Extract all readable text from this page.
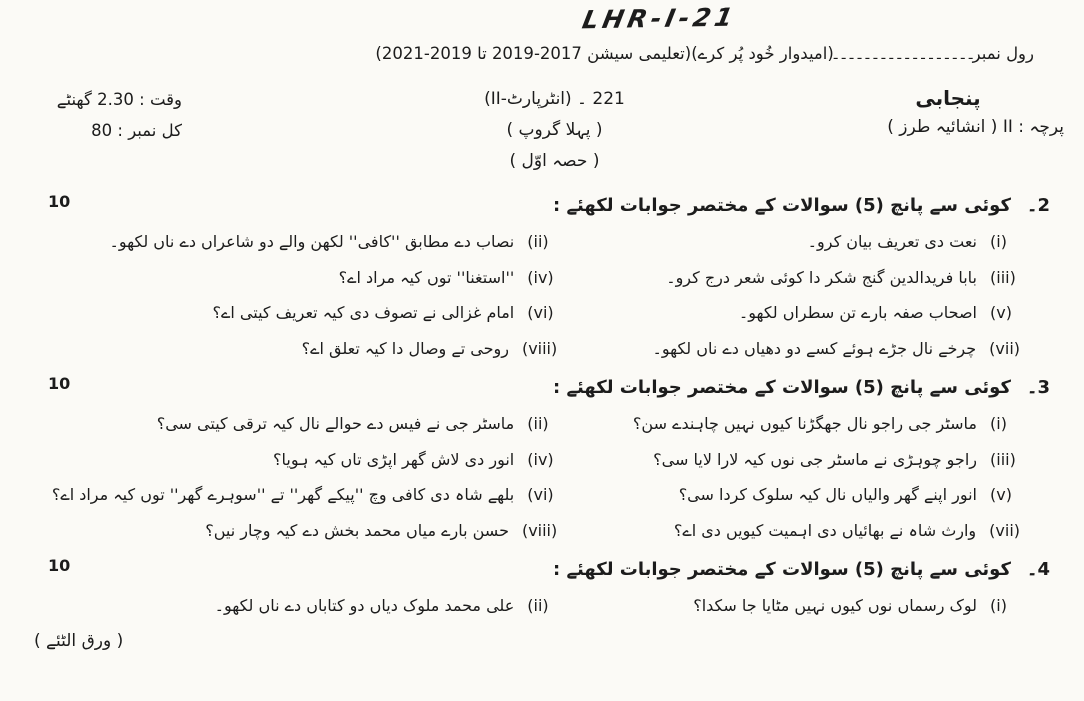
LHR-I-21
رول نمبرـ ـ ـ ـ ـ ـ ـ ـ ـ ـ ـ ـ ـ ـ ـ ـ ـ ـ(امیدوار خُود پُر کرے)(تعلیمی سیشن 2017-2019 تا 2019-2021)
وقت : 2.30 گھنٹے
کل نمبر : 80
221 ۔ (انٹرپارٹ-II)
( پہلا گروپ )
( حصہ اوّل )
پنجابی
پرچہ : II ( انشائیہ طرز )
2۔
کوئی سے پانچ (5) سوالات کے مختصر جوابات لکھئے :
10
(i)
نعت دی تعریف بیان کرو۔
(ii)
نصاب دے مطابق ''کافی'' لکھن والے دو شاعراں دے ناں لکھو۔
(iii)
بابا فریدالدین گنج شکر دا کوئی شعر درج کرو۔
(iv)
''استغنا'' توں کیہ مراد اے؟
(v)
اصحاب صفہ بارے تن سطراں لکھو۔
(vi)
امام غزالی نے تصوف دی کیہ تعریف کیتی اے؟
(vii)
چرخے نال جڑے ہوئے کسے دو دھیاں دے ناں لکھو۔
(viii)
روحی تے وصال دا کیہ تعلق اے؟
3۔
کوئی سے پانچ (5) سوالات کے مختصر جوابات لکھئے :
10
(i)
ماسٹر جی راجو نال جھگڑنا کیوں نہیں چاہندے سن؟
(ii)
ماسٹر جی نے فیس دے حوالے نال کیہ ترقی کیتی سی؟
(iii)
راجو چوہڑی نے ماسٹر جی نوں کیہ لارا لایا سی؟
(iv)
انور دی لاش گھر اپڑی تاں کیہ ہویا؟
(v)
انور اپنے گھر والیاں نال کیہ سلوک کردا سی؟
(vi)
بلھے شاہ دی کافی وچ ''پیکے گھر'' تے ''سوہرے گھر'' توں کیہ مراد اے؟
(vii)
وارث شاہ نے بھائیاں دی اہمیت کیویں دی اے؟
(viii)
حسن بارے میاں محمد بخش دے کیہ وچار نیں؟
4۔
کوئی سے پانچ (5) سوالات کے مختصر جوابات لکھئے :
10
(i)
لوک رسماں نوں کیوں نہیں مٹایا جا سکدا؟
(ii)
علی محمد ملوک دیاں دو کتاباں دے ناں لکھو۔
( ورق الٹئے )
